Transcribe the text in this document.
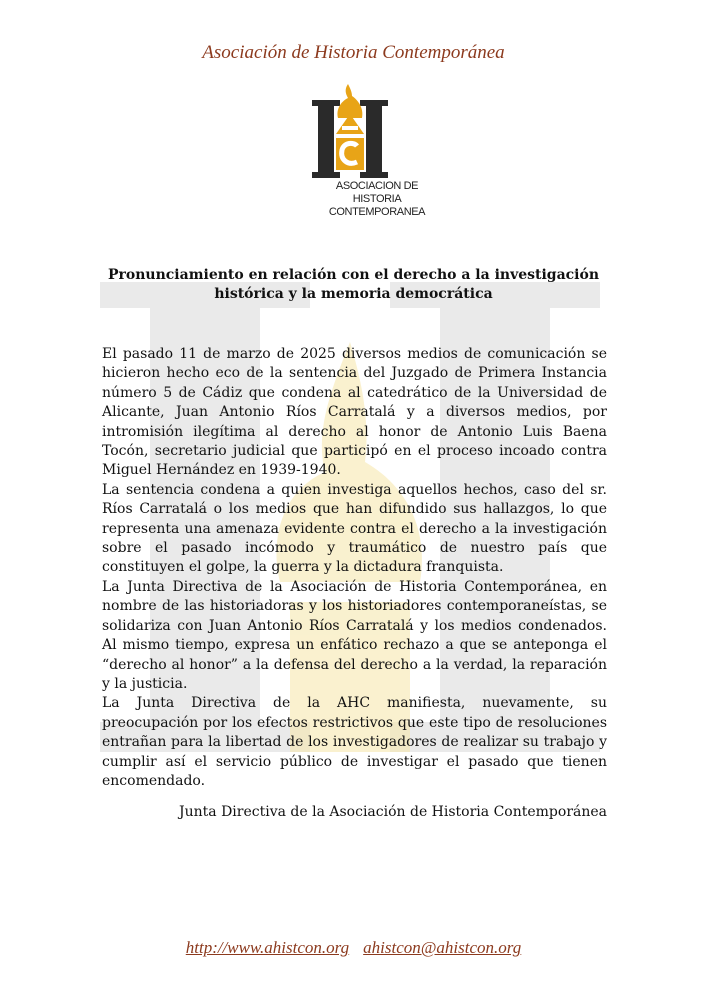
Asociación de Historia Contemporánea
ASOCIACION DE
HISTORIA
CONTEMPORANEA
Pronunciamiento en relación con el derecho a la investigación
histórica y la memoria democrática

El pasado 11 de marzo de 2025 diversos medios de comunicación se hicieron hecho eco de la sentencia del Juzgado de Primera Instancia número 5 de Cádiz que condena al catedrático de la Universidad de Alicante, Juan Antonio Ríos Carratalá y a diversos medios, por intromisión ilegítima al derecho al honor de Antonio Luis Baena Tocón, secretario judicial que participó en el proceso incoado contra Miguel Hernández en 1939-1940.

La sentencia condena a quien investiga aquellos hechos, caso del sr. Ríos Carratalá o los medios que han difundido sus hallazgos, lo que representa una amenaza evidente contra el derecho a la investigación sobre el pasado incómodo y traumático de nuestro país que constituyen el golpe, la guerra y la dictadura franquista.

La Junta Directiva de la Asociación de Historia Contemporánea, en nombre de las historiadoras y los historiadores contemporaneístas, se solidariza con Juan Antonio Ríos Carratalá y los medios condenados. Al mismo tiempo, expresa un enfático rechazo a que se anteponga el “derecho al honor” a la defensa del derecho a la verdad, la reparación y la justicia.

La Junta Directiva de la AHC manifiesta, nuevamente, su preocupación por los efectos restrictivos que este tipo de resoluciones entrañan para la libertad de los investigadores de realizar su trabajo y cumplir así el servicio público de investigar el pasado que tienen encomendado.

Junta Directiva de la Asociación de Historia Contemporánea
http://www.ahistcon.org ahistcon@ahistcon.org
